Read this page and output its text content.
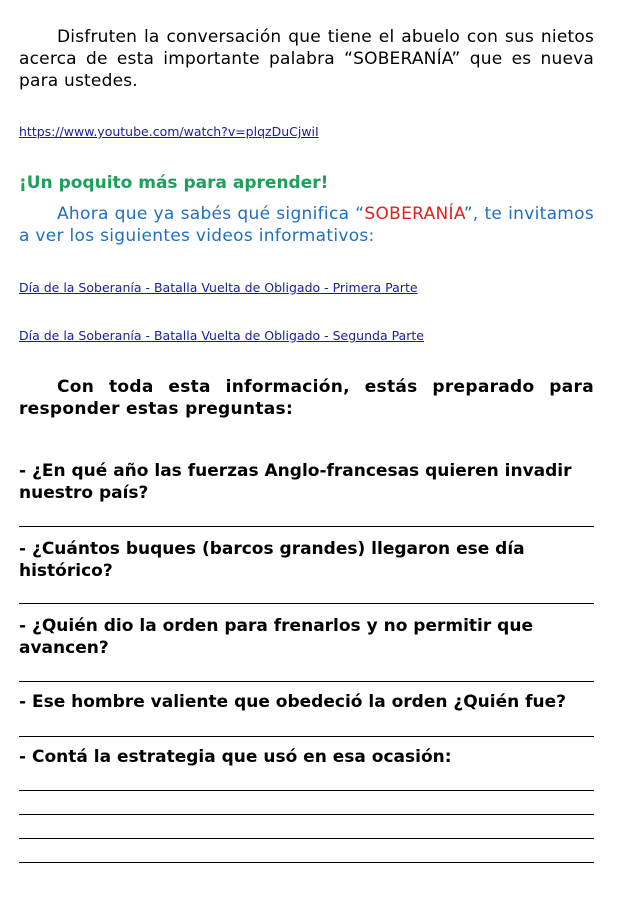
Disfruten la conversación que tiene el abuelo con sus nietos acerca de esta importante palabra “SOBERANÍA” que es nueva para ustedes.
https://www.youtube.com/watch?v=plqzDuCjwiI
¡Un poquito más para aprender!
Ahora que ya sabés qué significa “SOBERANÍA”, te invitamos a ver los siguientes videos informativos:
Día de la Soberanía - Batalla Vuelta de Obligado - Primera Parte
Día de la Soberanía - Batalla Vuelta de Obligado - Segunda Parte
Con toda esta información, estás preparado para responder estas preguntas:
- ¿En qué año las fuerzas Anglo-francesas quieren invadir nuestro país?
- ¿Cuántos buques (barcos grandes) llegaron ese día histórico?
- ¿Quién dio la orden para frenarlos y no permitir que avancen?
- Ese hombre valiente que obedeció la orden ¿Quién fue?
- Contá la estrategia que usó en esa ocasión:
